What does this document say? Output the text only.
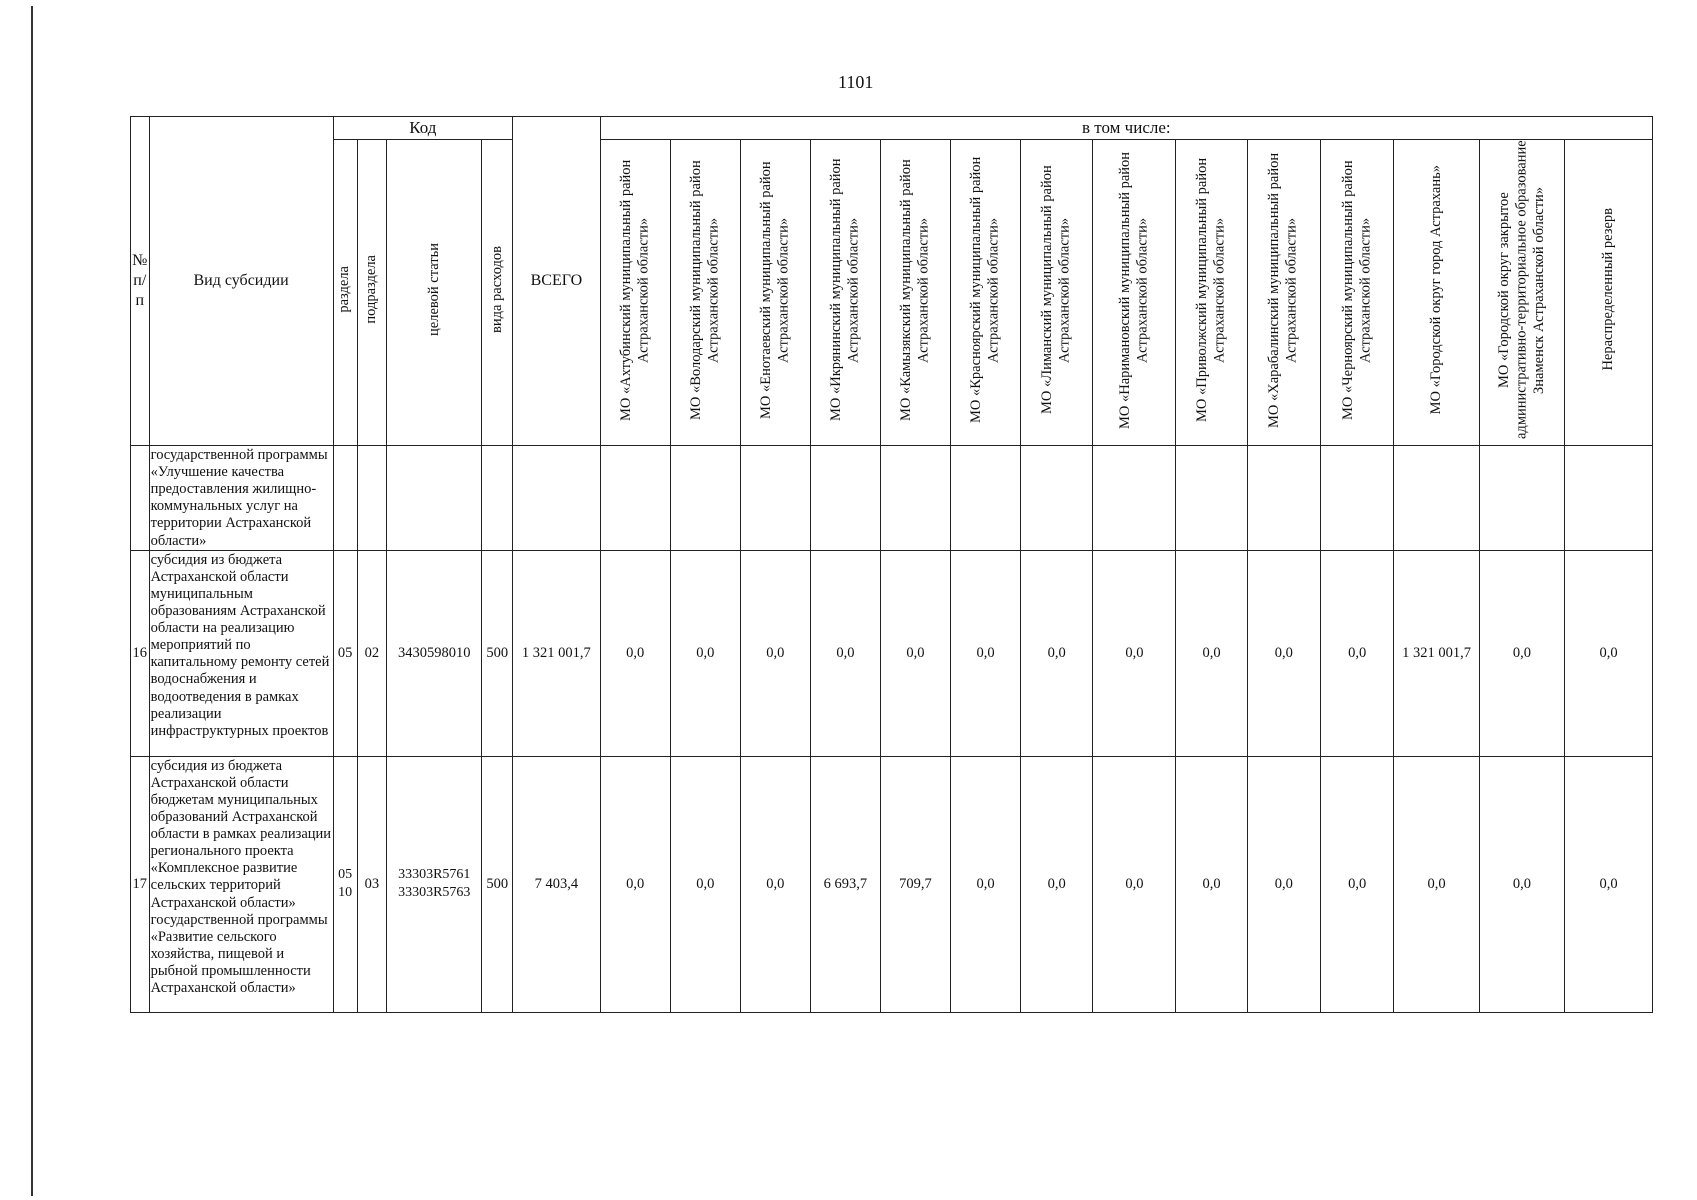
1101
№ п/п	Вид субсидии	Код				ВСЕГО	в том числе:													
		раздела	подраздела	целевой статьи	вида расходов		МО «Ахтубинский муниципальный район Астраханской области»	МО «Володарский муниципальный район Астраханской области»	МО «Енотаевский муниципальный район Астраханской области»	МО «Икрянинский муниципальный район Астраханской области»	МО «Камызякский муниципальный район Астраханской области»	МО «Красноярский муниципальный район Астраханской области»	МО «Лиманский муниципальный район Астраханской области»	МО «Наримановский муниципальный район Астраханской области»	МО «Приволжский муниципальный район Астраханской области»	МО «Харабалинский муниципальный район Астраханской области»	МО «Черноярский муниципальный район Астраханской области»	МО «Городской округ город Астрахань»	МО «Городской округ закрытое административно-территориальное образование Знаменск Астраханской области»	Нераспределенный резерв
	государственной программы «Улучшение качества предоставления жилищно-коммунальных услуг на территории Астраханской области»																			
16	субсидия из бюджета Астраханской области муниципальным образованиям Астраханской области на реализацию мероприятий по капитальному ремонту сетей водоснабжения и водоотведения в рамках реализации инфраструктурных проектов	05	02	3430598010	500	1 321 001,7	0,0	0,0	0,0	0,0	0,0	0,0	0,0	0,0	0,0	0,0	0,0	1 321 001,7	0,0	0,0
17	субсидия из бюджета Астраханской области бюджетам муниципальных образований Астраханской области в рамках реализации регионального проекта «Комплексное развитие сельских территорий Астраханской области» государственной программы «Развитие сельского хозяйства, пищевой и рыбной промышленности Астраханской области»	05 10	03	33303R5761 33303R5763	500	7 403,4	0,0	0,0	0,0	6 693,7	709,7	0,0	0,0	0,0	0,0	0,0	0,0	0,0	0,0	0,0
